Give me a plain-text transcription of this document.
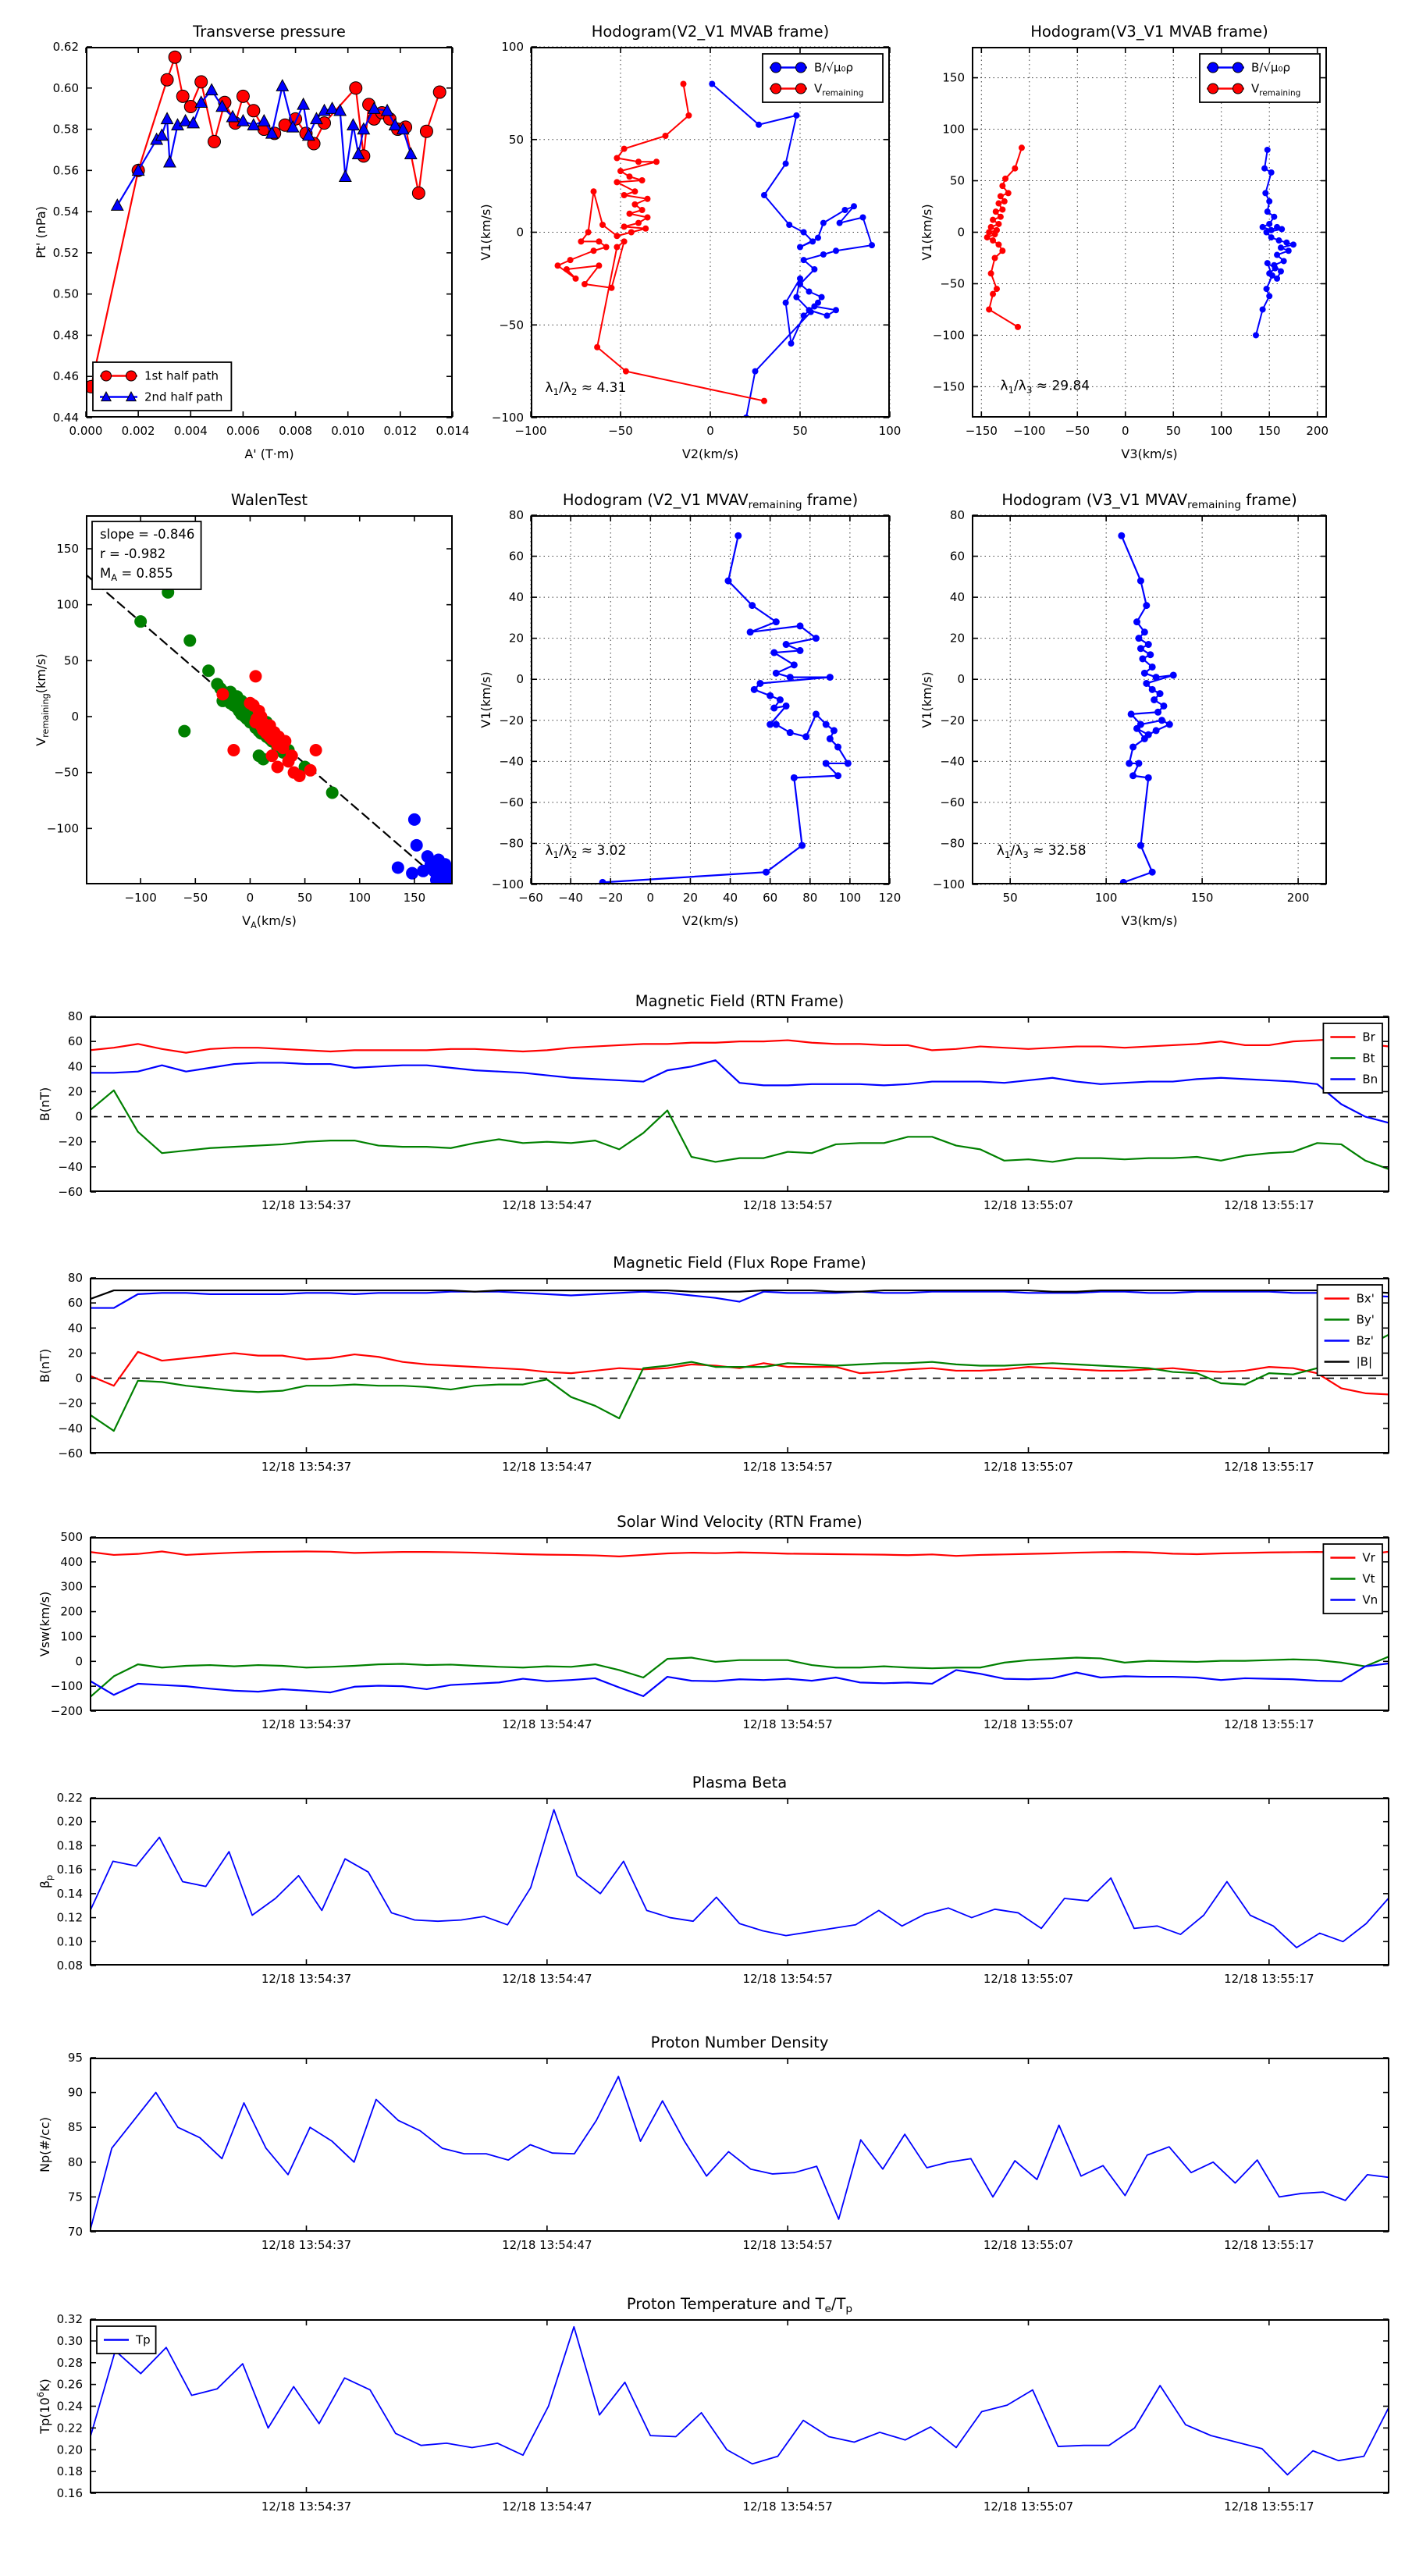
0.000 0.002 0.004 0.006 0.008 0.010 0.012 0.014
0.44
0.46
0.48
0.50
0.52
0.54
0.56
0.58
0.60
0.62
Transverse pressure
A' (T·m)
Pt' (nPa)
1st half path
2nd half path
−100	−50	0	50	100
−100
−50
0
50
100
Hodogram(V2_V1 MVAB frame)
V2(km/s)
V1(km/s)
$\lambda_1/\lambda_2 \approx 4.31$
B/√μ₀ρ
$V_{remaining}$
−150 −100 −50	0	50	100 150 200
−150
−100
−50
0
50
100
150
Hodogram(V3_V1 MVAB frame)
V3(km/s)
V1(km/s)
$\lambda_1/\lambda_3 \approx 29.84$
B/√μ₀ρ
$V_{remaining}$
−100 −50	0	50	100	150
−100
−50
0
50
100
150
WalenTest
$V_A(km/s)$
$V_{remaining}(km/s)$
slope = -0.846
r = -0.982
$M_A = 0.855$
−60 −40 −20 0 20 40 60 80 100 120
−100
−80
−60
−40
−20
0
20
40
60
80
Hodogram (V2_V1 $MVAV_{remaining}$ frame)
V2(km/s)
V1(km/s)
$\lambda_1/\lambda_2 \approx 3.02$
50	100	150	200
−100
−80
−60
−40
−20
0
20
40
60
80
Hodogram (V3_V1 $MVAV_{remaining}$ frame)
V3(km/s)
V1(km/s)
$\lambda_1/\lambda_3 \approx 32.58$
12/18 13:54:37	12/18 13:54:47	12/18 13:54:57	12/18 13:55:07	12/18 13:55:17
−60
−40
−20
0
20
40
60
80
Magnetic Field (RTN Frame)
B(nT)
Br
Bt
Bn
12/18 13:54:37	12/18 13:54:47	12/18 13:54:57	12/18 13:55:07	12/18 13:55:17
−60
−40
−20
0
20
40
60
80
Magnetic Field (Flux Rope Frame)
B(nT)
Bx'
By'
Bz'
|B|
12/18 13:54:37	12/18 13:54:47	12/18 13:54:57	12/18 13:55:07	12/18 13:55:17
−200
−100
0
100
200
300
400
500
Solar Wind Velocity (RTN Frame)
Vsw(km/s)
Vr
Vt
Vn
12/18 13:54:37	12/18 13:54:47	12/18 13:54:57	12/18 13:55:07	12/18 13:55:17
0.08
0.10
0.12
0.14
0.16
0.18
0.20
0.22
Plasma Beta
$\beta_p$
12/18 13:54:37	12/18 13:54:47	12/18 13:54:57	12/18 13:55:07	12/18 13:55:17
70
75
80
85
90
95
Proton Number Density
Np(#/cc)
12/18 13:54:37	12/18 13:54:47	12/18 13:54:57	12/18 13:55:07	12/18 13:55:17
0.16
0.18
0.20
0.22
0.24
0.26
0.28
0.30
0.32
Proton Temperature and $T_e/T_p$
$Tp(10^6K)$
Tp
